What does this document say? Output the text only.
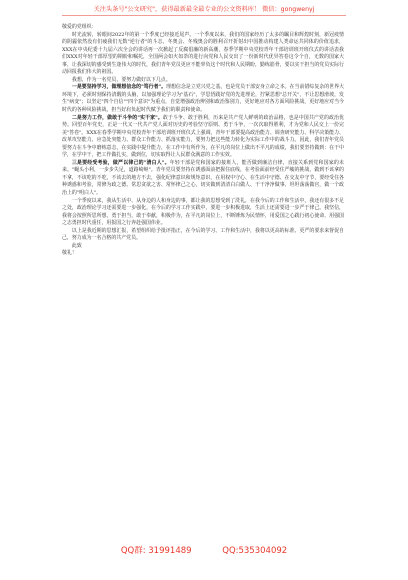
关注头条号"公文研究"，获得最新最全最专业的公文资料库！ 微信：gongwenyj

敬爱的党组织：

时光流转，转眼间2022年的第一个季度已经接近尾声。一个季度以来，我们的国家经历了太多的瞩目和辉煌时刻，新冠疫情的阴霾依然没有们疲我们无数"逆行者"的斗志，冬奥会、冬残奥会的胜利召开折射出中国推动构建人类命运共同体的价值追求，XXX在中央纪委十九届六次全会的讲话再一次掀起了反腐倡廉的新高潮，春季学期中央党校青年干部培训班开班仪式的讲话表我们XXX对年轻干部厚望的期盼和嘱托，全国两会如火如荼的进行向党和人民交出了一份新时代优异答卷这令个自，无数的国家大事，让我深切的感受到生逢伟大的时代，我们青年党员更应不能辜负这个时代和人民期盼，勤练筋骨，要以实干担当的党员实际行动回报我们伟大的祖国。

我想，作为一名党员，要努力做好以下几点。

一是要坚持学习，做理想信念的"笃行者"。理想信念是立党兴党之基，也是党员干部安身立命之本。在当前错综复杂的世界大环境下，必须时刻保持清醒的头脑，以加强理论学习为"基石"，学思悟践好党的先进理论，拧紧思想"总开关"，不让思想滑坡，发生"病变"；以坚定"四个自信""四个意识"为重点，自觉增强政治辨别和政治鉴别力，更好地应对各方面风险挑战，更好地应对当今时代的各种风险挑战，担当好肩负起时代赋予我们的职责和使命。

二是努力工作，做敢于斗争的"实干家"。敢于斗争、敢于胜利，历来是共产党人鲜明的政治品格，也是中国共产党的政治优势。回望百年党史，正是一代又一代共产党人面对历史的考验坚守原则、勇于斗争，一次次取得胜利，才为党和人民交上一份完美"答卷"。XXX在春季学期中央党校青年干部培训班开班仪式上强调，青年干部要提高政治能力、调查研究能力、科学决策能力、改革攻坚能力、应急处突能力、群众工作能力、抓落实能力，要努力把这些能力转化为实际工作中的战斗力。因此，我们青年党员要努力在斗争中磨练意志，在实践中提升能力，在工作中有所作为，在平凡的岗位上做出不平凡的成绩，我们要坚持做到：在干中学，在学中干，把工作做扎实，做到位，切实取得让人民群众满意的工作实效。

三是要经受考验，做严以律己的"清白人"。年轻干部是党和国家的接班人，能否做到廉洁自律，直接关系到党和国家的未来。"蝇头小利，一步步失足，道路崎岖"。青年党员要坚持在诱惑面前把握住底线，在考验面前经受住严峻的挑战，做到不该拿的不拿，不该吃的不吃，不该去的地方不去，强化纪律意识和规矩意识，在用权中守心、在生活中守德、在交友中守节，要经受住各种诱惑和考验，常修为政之德、常思贪欲之害、常怀律己之心，切实做到清清白白做人、干干净净做事、坦坦荡荡做官，做一个政治上的"明白人"。

一个季度以来，我从生活中、从身边的人和身边的事，都让我的思想受到了洗礼，在我今后的工作和生活中，我还有很多不足之处，政治理论学习还需要进一步强化，在今后的学习工作实践中，要进一步积极进取，生活上还需要进一步严于律己。我坚信，我将会按照所思所想，勇于担当，敢于奉献，积极作为，在平凡的岗位上，不断锤炼为民情怀，用爱国之心践行初心使命，用强国之志勇担时代重任，用报国之行奔赴强国伟业。

以上是我近期的思想汇报，希望组织给予批评指正，在今后的学习、工作和生活中，我将以更高的标准、更严的要求来督促自己，努力成为一名合格的共产党员。

此致

敬礼！

QQ群: 31991489	QQ:535304092
